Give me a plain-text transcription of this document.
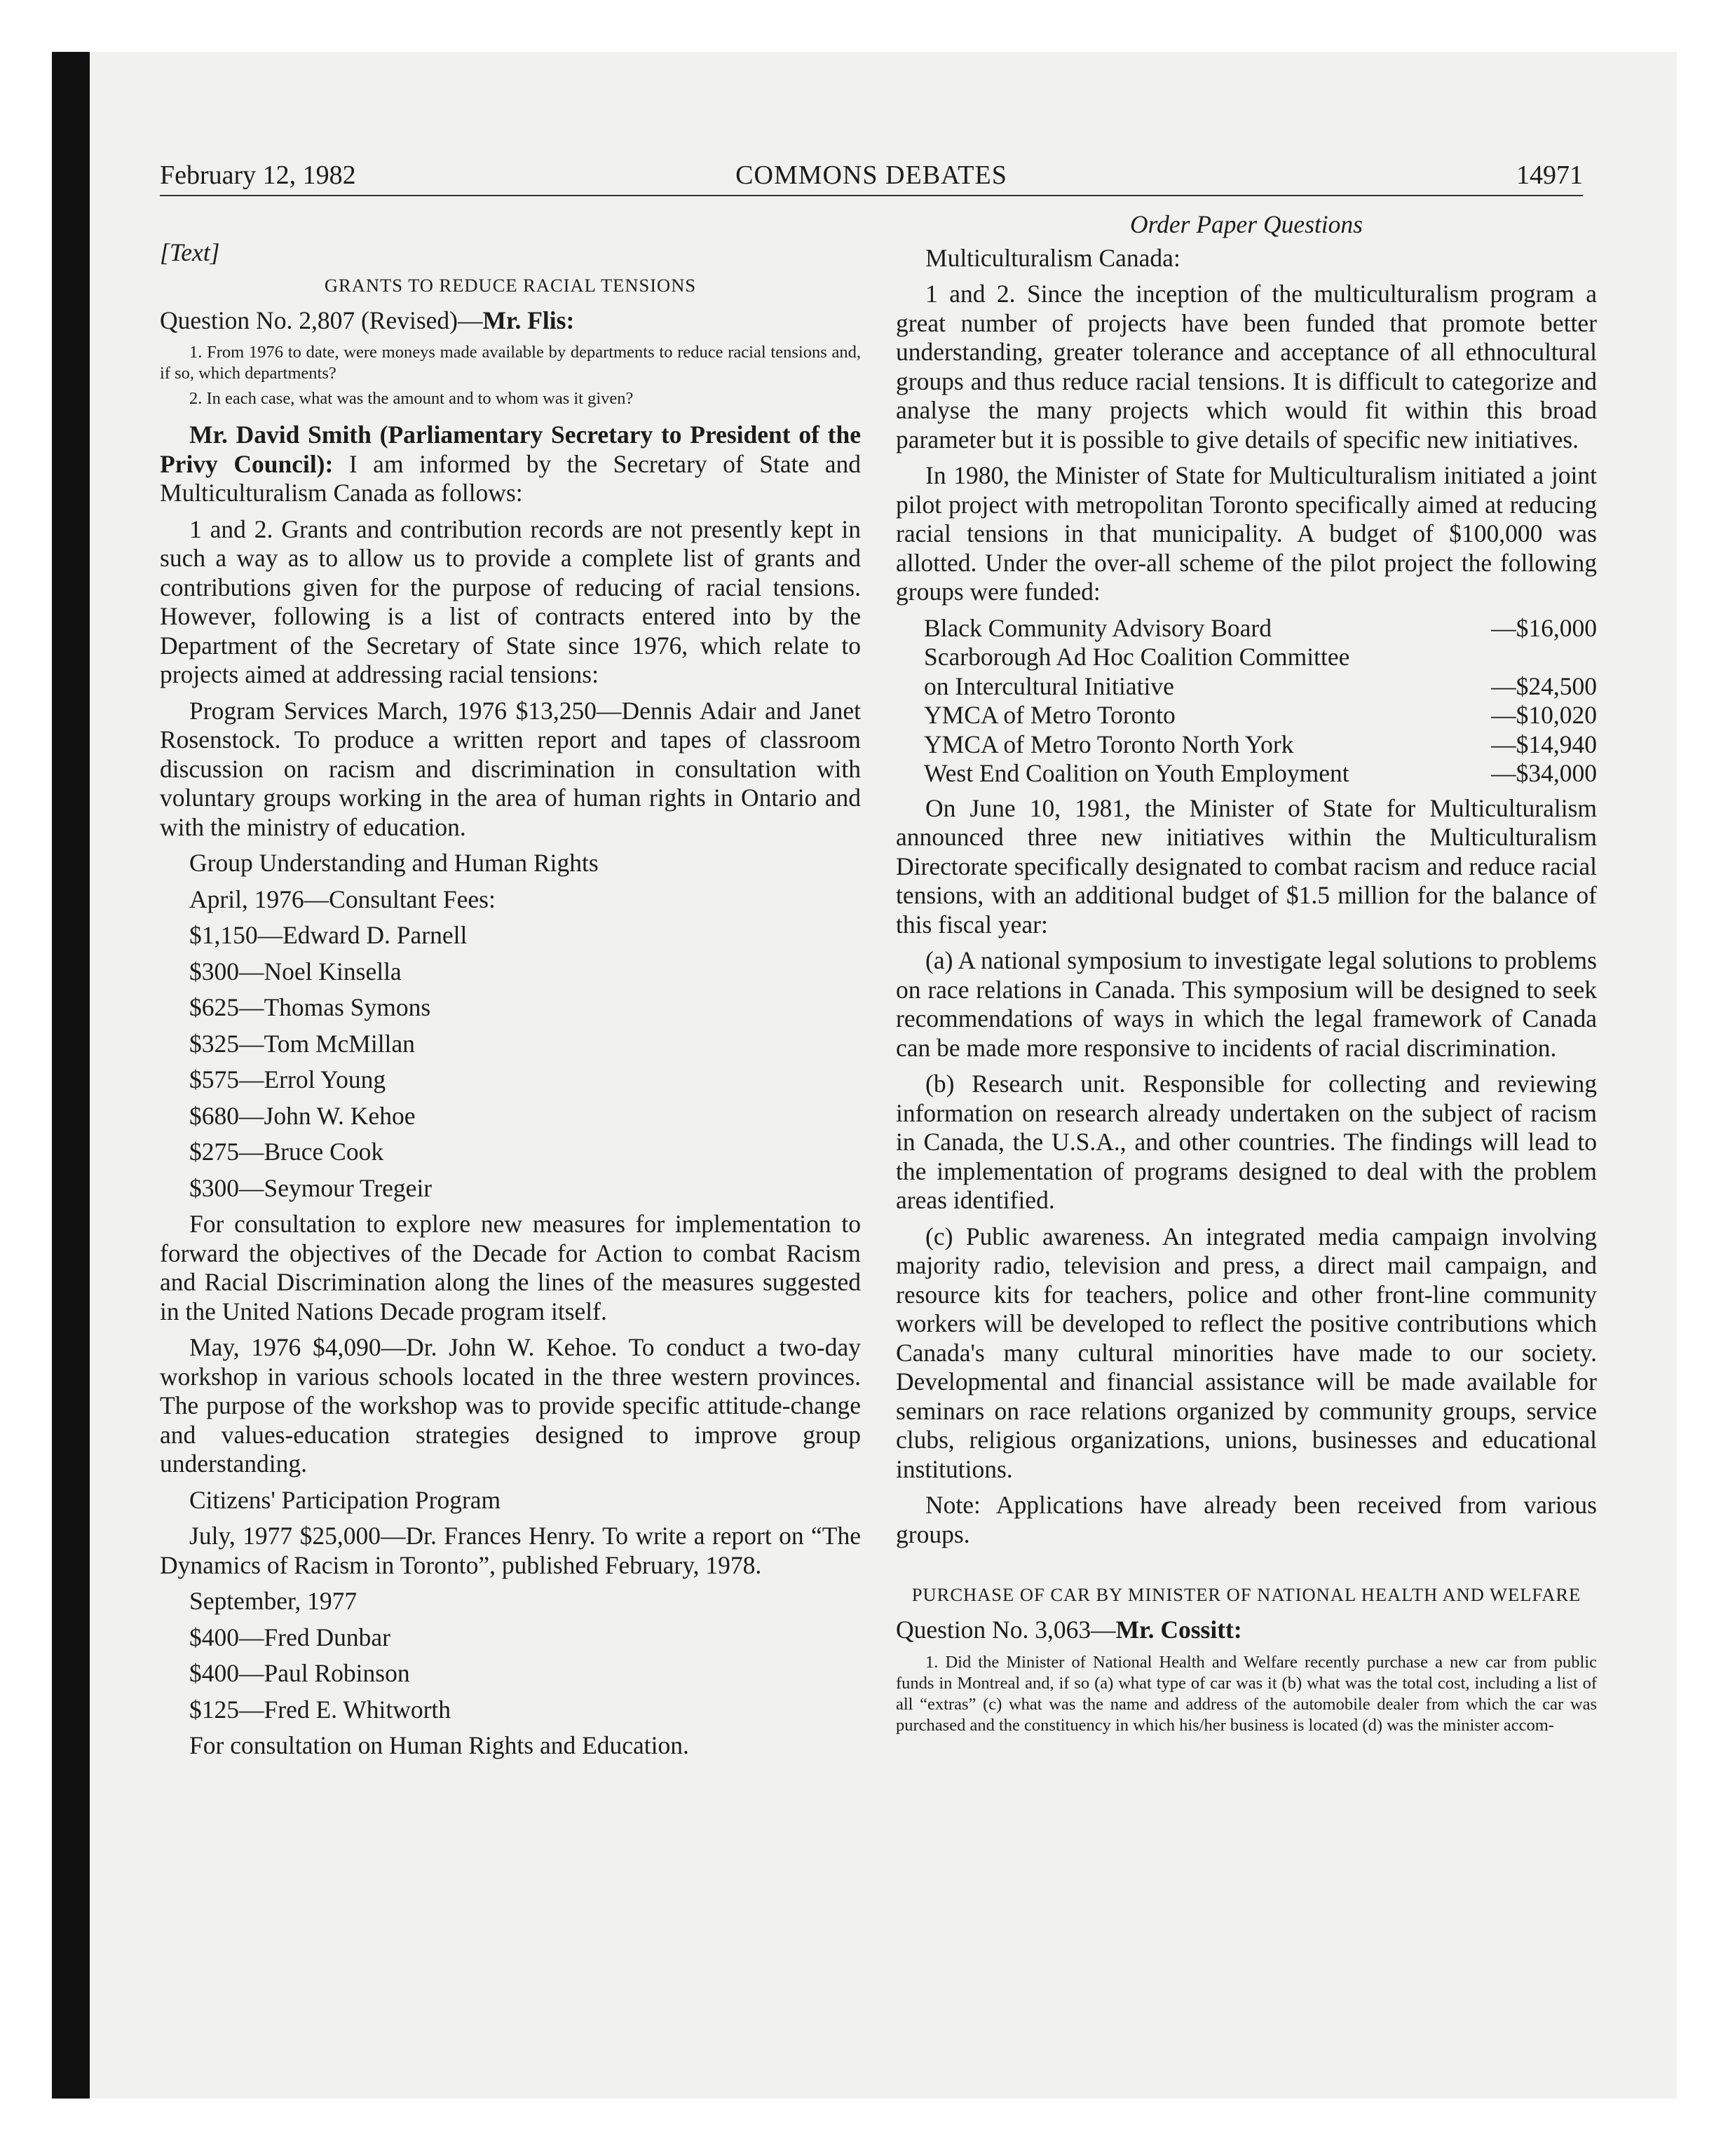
February 12, 1982	COMMONS DEBATES	14971

[Text]

GRANTS TO REDUCE RACIAL TENSIONS

Question No. 2,807 (Revised)—Mr. Flis:

1. From 1976 to date, were moneys made available by departments to reduce racial tensions and, if so, which departments?

2. In each case, what was the amount and to whom was it given?

Mr. David Smith (Parliamentary Secretary to President of the Privy Council): I am informed by the Secretary of State and Multiculturalism Canada as follows:

1 and 2. Grants and contribution records are not presently kept in such a way as to allow us to provide a complete list of grants and contributions given for the purpose of reducing of racial tensions. However, following is a list of contracts entered into by the Department of the Secretary of State since 1976, which relate to projects aimed at addressing racial tensions:

Program Services March, 1976 $13,250—Dennis Adair and Janet Rosenstock. To produce a written report and tapes of classroom discussion on racism and discrimination in consultation with voluntary groups working in the area of human rights in Ontario and with the ministry of education.

Group Understanding and Human Rights

April, 1976—Consultant Fees:

$1,150—Edward D. Parnell

$300—Noel Kinsella

$625—Thomas Symons

$325—Tom McMillan

$575—Errol Young

$680—John W. Kehoe

$275—Bruce Cook

$300—Seymour Tregeir

For consultation to explore new measures for implementation to forward the objectives of the Decade for Action to combat Racism and Racial Discrimination along the lines of the measures suggested in the United Nations Decade program itself.

May, 1976 $4,090—Dr. John W. Kehoe. To conduct a two-day workshop in various schools located in the three western provinces. The purpose of the workshop was to provide specific attitude-change and values-education strategies designed to improve group understanding.

Citizens' Participation Program

July, 1977 $25,000—Dr. Frances Henry. To write a report on “The Dynamics of Racism in Toronto”, published February, 1978.

September, 1977

$400—Fred Dunbar

$400—Paul Robinson

$125—Fred E. Whitworth

For consultation on Human Rights and Education.

Order Paper Questions

Multiculturalism Canada:

1 and 2. Since the inception of the multiculturalism program a great number of projects have been funded that promote better understanding, greater tolerance and acceptance of all ethnocultural groups and thus reduce racial tensions. It is difficult to categorize and analyse the many projects which would fit within this broad parameter but it is possible to give details of specific new initiatives.

In 1980, the Minister of State for Multiculturalism initiated a joint pilot project with metropolitan Toronto specifically aimed at reducing racial tensions in that municipality. A budget of $100,000 was allotted. Under the over-all scheme of the pilot project the following groups were funded:

Black Community Advisory Board	—$16,000
Scarborough Ad Hoc Coalition Committee	
on Intercultural Initiative	—$24,500
YMCA of Metro Toronto	—$10,020
YMCA of Metro Toronto North York	—$14,940
West End Coalition on Youth Employment	—$34,000

On June 10, 1981, the Minister of State for Multiculturalism announced three new initiatives within the Multiculturalism Directorate specifically designated to combat racism and reduce racial tensions, with an additional budget of $1.5 million for the balance of this fiscal year:

(a) A national symposium to investigate legal solutions to problems on race relations in Canada. This symposium will be designed to seek recommendations of ways in which the legal framework of Canada can be made more responsive to incidents of racial discrimination.

(b) Research unit. Responsible for collecting and reviewing information on research already undertaken on the subject of racism in Canada, the U.S.A., and other countries. The findings will lead to the implementation of programs designed to deal with the problem areas identified.

(c) Public awareness. An integrated media campaign involving majority radio, television and press, a direct mail campaign, and resource kits for teachers, police and other front-line community workers will be developed to reflect the positive contributions which Canada's many cultural minorities have made to our society. Developmental and financial assistance will be made available for seminars on race relations organized by community groups, service clubs, religious organizations, unions, businesses and educational institutions.

Note: Applications have already been received from various groups.

PURCHASE OF CAR BY MINISTER OF NATIONAL HEALTH AND WELFARE

Question No. 3,063—Mr. Cossitt:

1. Did the Minister of National Health and Welfare recently purchase a new car from public funds in Montreal and, if so (a) what type of car was it (b) what was the total cost, including a list of all “extras” (c) what was the name and address of the automobile dealer from which the car was purchased and the constituency in which his/her business is located (d) was the minister accom-
